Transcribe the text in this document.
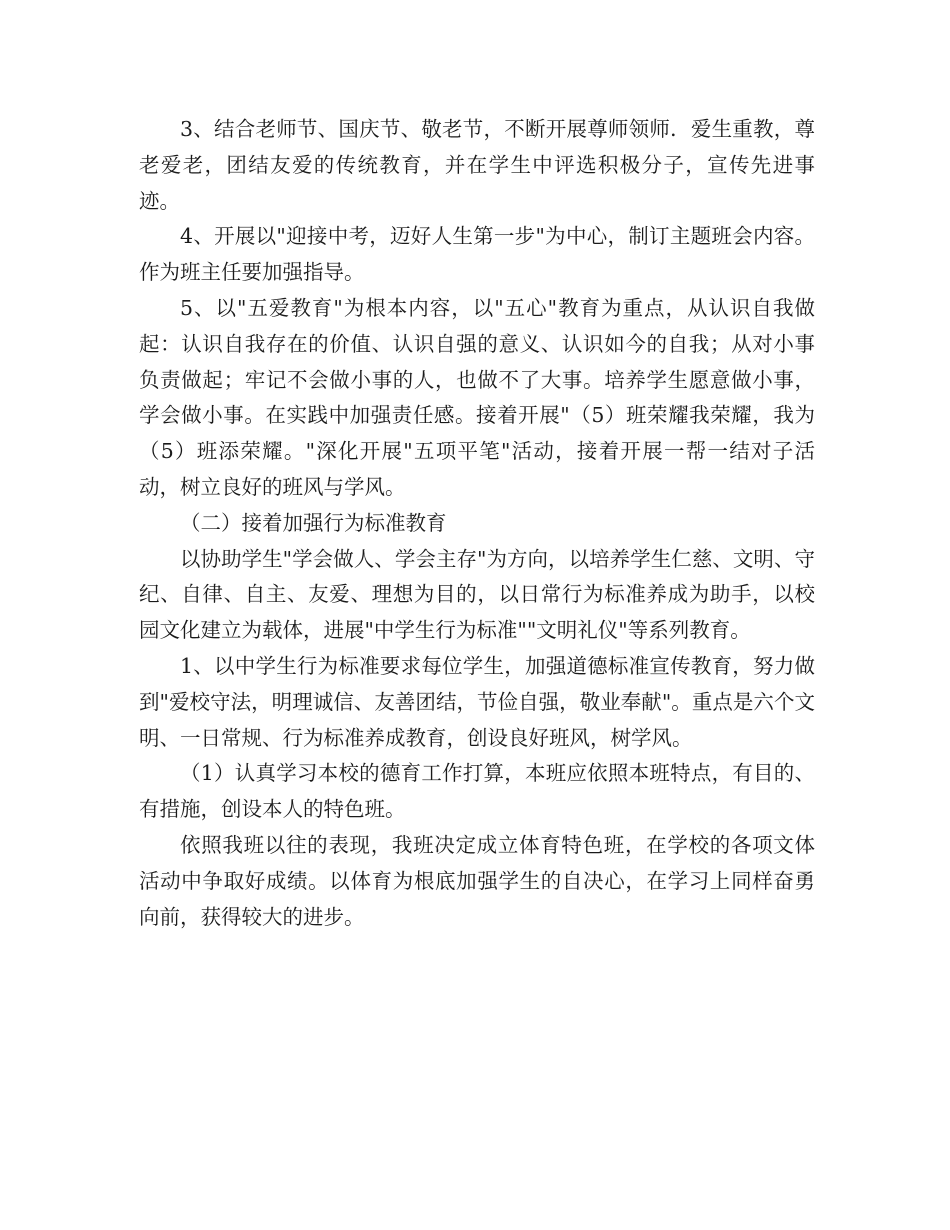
3、结合老师节、国庆节、敬老节，不断开展尊师领师．爱生重教，尊老爱老，团结友爱的传统教育，并在学生中评选积极分子，宣传先进事迹。

4、开展以"迎接中考，迈好人生第一步"为中心，制订主题班会内容。作为班主任要加强指导。

5、以"五爱教育"为根本内容，以"五心"教育为重点，从认识自我做起：认识自我存在的价值、认识自强的意义、认识如今的自我；从对小事负责做起；牢记不会做小事的人，也做不了大事。培养学生愿意做小事，学会做小事。在实践中加强责任感。接着开展"（5）班荣耀我荣耀，我为（5）班添荣耀。"深化开展"五项平笔"活动，接着开展一帮一结对子活动，树立良好的班风与学风。

（二）接着加强行为标准教育

以协助学生"学会做人、学会主存"为方向，以培养学生仁慈、文明、守纪、自律、自主、友爱、理想为目的，以日常行为标准养成为助手，以校园文化建立为载体，进展"中学生行为标准""文明礼仪"等系列教育。

1、以中学生行为标准要求每位学生，加强道德标准宣传教育，努力做到"爱校守法，明理诚信、友善团结，节俭自强，敬业奉献"。重点是六个文明、一日常规、行为标准养成教育，创设良好班风，树学风。

（1）认真学习本校的德育工作打算，本班应依照本班特点，有目的、有措施，创设本人的特色班。

依照我班以往的表现，我班决定成立体育特色班，在学校的各项文体活动中争取好成绩。以体育为根底加强学生的自决心，在学习上同样奋勇向前，获得较大的进步。
